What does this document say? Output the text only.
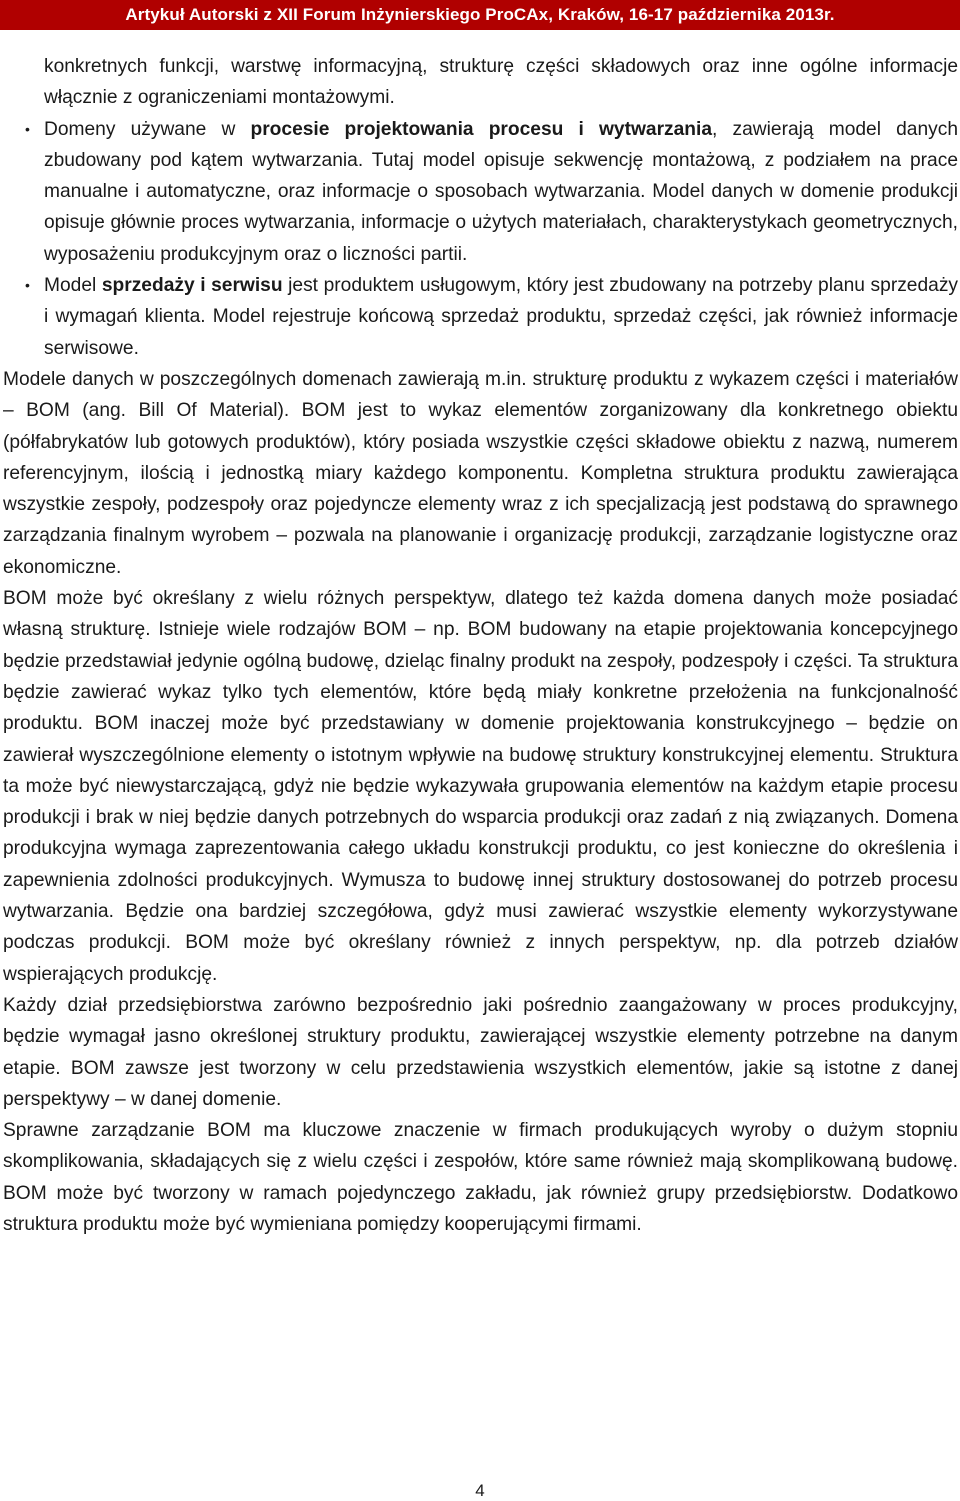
Artykuł Autorski z XII Forum Inżynierskiego ProCAx, Kraków, 16-17 października 2013r.
konkretnych funkcji, warstwę informacyjną, strukturę części składowych oraz inne ogólne informacje włącznie z ograniczeniami montażowymi.
• Domeny używane w procesie projektowania procesu i wytwarzania, zawierają model danych zbudowany pod kątem wytwarzania. Tutaj model opisuje sekwencję montażową, z podziałem na prace manualne i automatyczne, oraz informacje o sposobach wytwarzania. Model danych w domenie produkcji opisuje głównie proces wytwarzania, informacje o użytych materiałach, charakterystykach geometrycznych, wyposażeniu produkcyjnym oraz o liczności partii.
• Model sprzedaży i serwisu jest produktem usługowym, który jest zbudowany na potrzeby planu sprzedaży i wymagań klienta. Model rejestruje końcową sprzedaż produktu, sprzedaż części, jak również informacje serwisowe.

Modele danych w poszczególnych domenach zawierają m.in. strukturę produktu z wykazem części i materiałów – BOM (ang. Bill Of Material). BOM jest to wykaz elementów zorganizowany dla konkretnego obiektu (półfabrykatów lub gotowych produktów), który posiada wszystkie części składowe obiektu z nazwą, numerem referencyjnym, ilością i jednostką miary każdego komponentu. Kompletna struktura produktu zawierająca wszystkie zespoły, podzespoły oraz pojedyncze elementy wraz z ich specjalizacją jest podstawą do sprawnego zarządzania finalnym wyrobem – pozwala na planowanie i organizację produkcji, zarządzanie logistyczne oraz ekonomiczne.

BOM może być określany z wielu różnych perspektyw, dlatego też każda domena danych może posiadać własną strukturę. Istnieje wiele rodzajów BOM – np. BOM budowany na etapie projektowania koncepcyjnego będzie przedstawiał jedynie ogólną budowę, dzieląc finalny produkt na zespoły, podzespoły i części. Ta struktura będzie zawierać wykaz tylko tych elementów, które będą miały konkretne przełożenia na funkcjonalność produktu. BOM inaczej może być przedstawiany w domenie projektowania konstrukcyjnego – będzie on zawierał wyszczególnione elementy o istotnym wpływie na budowę struktury konstrukcyjnej elementu. Struktura ta może być niewystarczającą, gdyż nie będzie wykazywała grupowania elementów na każdym etapie procesu produkcji i brak w niej będzie danych potrzebnych do wsparcia produkcji oraz zadań z nią związanych. Domena produkcyjna wymaga zaprezentowania całego układu konstrukcji produktu, co jest konieczne do określenia i zapewnienia zdolności produkcyjnych. Wymusza to budowę innej struktury dostosowanej do potrzeb procesu wytwarzania. Będzie ona bardziej szczegółowa, gdyż musi zawierać wszystkie elementy wykorzystywane podczas produkcji. BOM może być określany również z innych perspektyw, np. dla potrzeb działów wspierających produkcję.

Każdy dział przedsiębiorstwa zarówno bezpośrednio jaki pośrednio zaangażowany w proces produkcyjny, będzie wymagał jasno określonej struktury produktu, zawierającej wszystkie elementy potrzebne na danym etapie. BOM zawsze jest tworzony w celu przedstawienia wszystkich elementów, jakie są istotne z danej perspektywy – w danej domenie.

Sprawne zarządzanie BOM ma kluczowe znaczenie w firmach produkujących wyroby o dużym stopniu skomplikowania, składających się z wielu części i zespołów, które same również mają skomplikowaną budowę. BOM może być tworzony w ramach pojedynczego zakładu, jak również grupy przedsiębiorstw. Dodatkowo struktura produktu może być wymieniana pomiędzy kooperującymi firmami.

4
